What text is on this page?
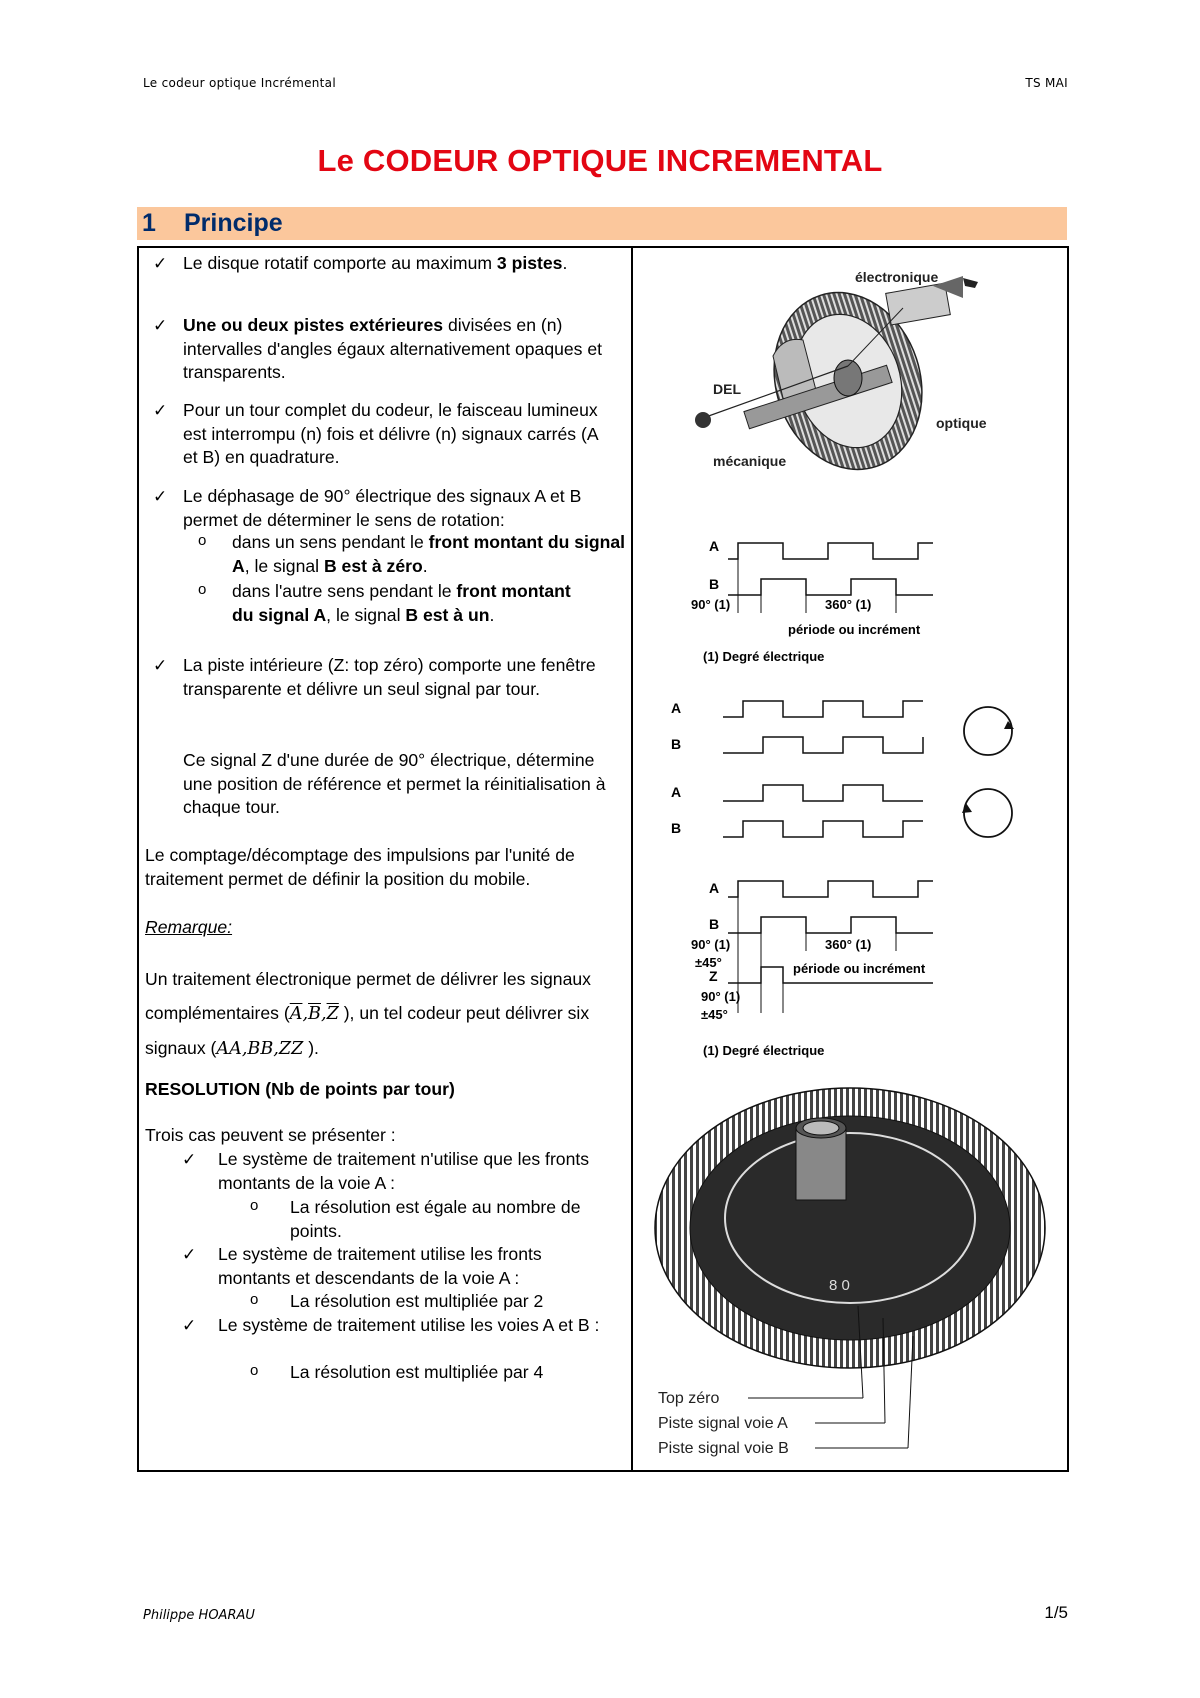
Le codeur optique Incrémental	TS MAI
Le CODEUR OPTIQUE INCREMENTAL
1	Principe
✓ Le disque rotatif comporte au maximum 3 pistes.
✓ Une ou deux pistes extérieures divisées en (n) intervalles d'angles égaux alternativement opaques et transparents.
✓ Pour un tour complet du codeur, le faisceau lumineux est interrompu (n) fois et délivre (n) signaux carrés (A et B) en quadrature.
✓ Le déphasage de 90° électrique des signaux A et B permet de déterminer le sens de rotation:
o dans un sens pendant le front montant du signal A, le signal B est à zéro.
o dans l'autre sens pendant le front montant du signal A, le signal B est à un.
✓ La piste intérieure (Z: top zéro) comporte une fenêtre transparente et délivre un seul signal par tour.
Ce signal Z d'une durée de 90° électrique, détermine une position de référence et permet la réinitialisation à chaque tour.
Le comptage/décomptage des impulsions par l'unité de traitement permet de définir la position du mobile.
Remarque:
Un traitement électronique permet de délivrer les signaux complémentaires ($\overline{A},\overline{B},\overline{Z}$ ), un tel codeur peut délivrer six signaux (AA,BB,ZZ ).
RESOLUTION (Nb de points par tour)
Trois cas peuvent se présenter :
✓ Le système de traitement n'utilise que les fronts montants de la voie A :
o La résolution est égale au nombre de points.
✓ Le système de traitement utilise les fronts montants et descendants de la voie A :
o La résolution est multipliée par 2
✓ Le système de traitement utilise les voies A et B :
o La résolution est multipliée par 4
électronique
DEL
optique
mécanique
A
B
90° (1)	360° (1)
période ou incrément
(1) Degré électrique
A
B
A
B
A
B
Z
90° (1)
±45°
360° (1)
période ou incrément
90° (1)
±45°
(1) Degré électrique
8 0
Top zéro
Piste signal voie A
Piste signal voie B
Philippe HOARAU	1/5
